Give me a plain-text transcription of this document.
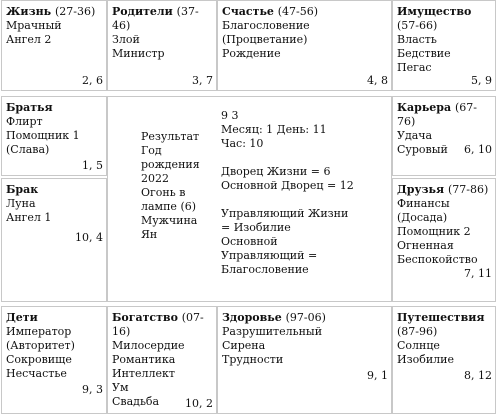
Жизнь (27-36)
Мрачный
Ангел 2
2, 6
Родители (37-46)
Злой
Министр
3, 7
Счастье (47-56)
Благословение (Процветание)
Рождение
4, 8
Имущество (57-66)
Власть
Бедствие
Пегас
5, 9
Братья
Флирт
Помощник 1
(Слава)
1, 5
Брак
Луна
Ангел 1
10, 4
Результат
Год
рождения
2022
Огонь в
лампе (6)
Мужчина
Ян
9 3
Месяц: 1 День: 11
Час: 10
Дворец Жизни = 6
Основной Дворец = 12
Управляющий Жизни
= Изобилие
Основной
Управляющий =
Благословение
Карьера (67-76)
Удача
Суровый	6, 10
Друзья (77-86)
Финансы
(Досада)
Помощник 2
Огненная
Беспокойство
7, 11
Дети
Император
(Авторитет)
Сокровище
Несчастье
9, 3
Богатство (07-16)
Милосердие
Романтика
Интеллект
Ум
Свадьба	10, 2
Здоровье (97-06)
Разрушительный
Сирена
Трудности
9, 1
Путешествия
(87-96)
Солнце
Изобилие
8, 12
